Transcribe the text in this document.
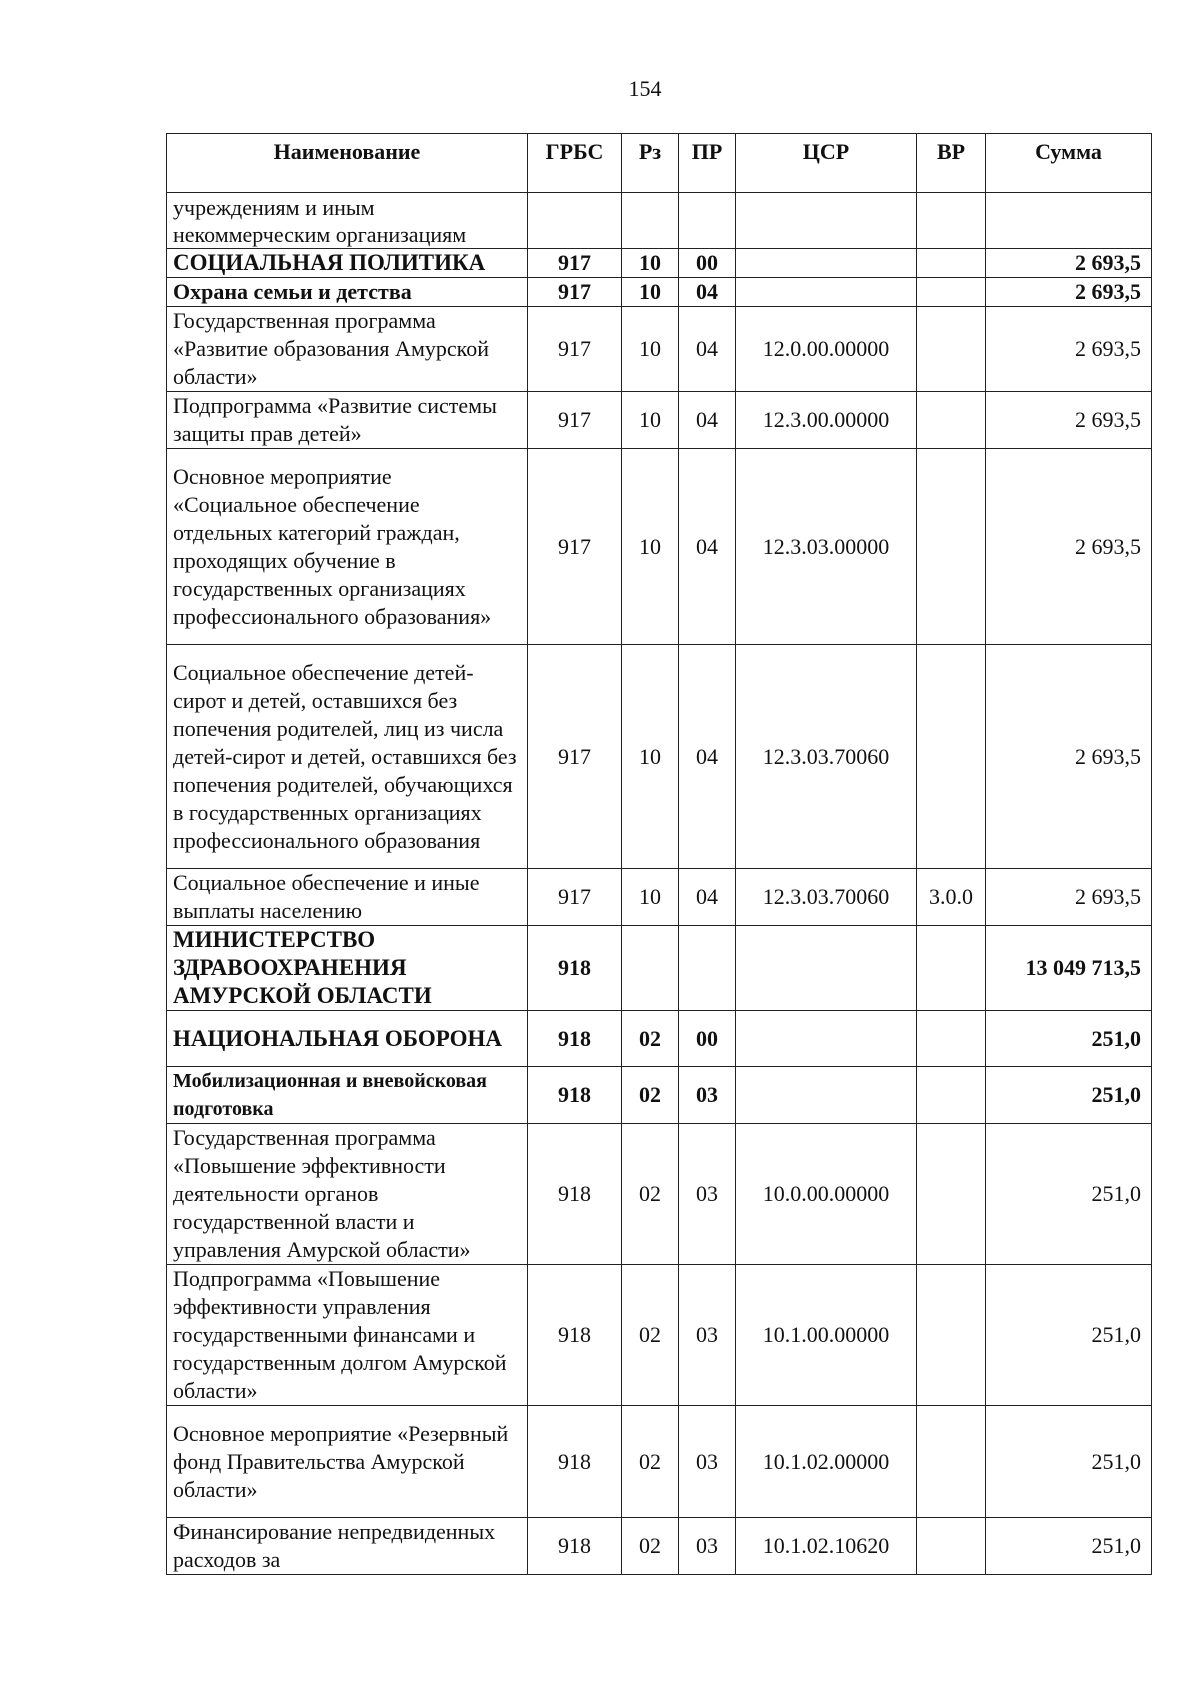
154
Наименование	ГРБС	Рз	ПР	ЦСР	ВР	Сумма
учреждениям и иным некоммерческим организациям						
СОЦИАЛЬНАЯ ПОЛИТИКА	917	10	00			2 693,5
Охрана семьи и детства	917	10	04			2 693,5
Государственная программа «Развитие образования Амурской области»	917	10	04	12.0.00.00000		2 693,5
Подпрограмма «Развитие системы защиты прав детей»	917	10	04	12.3.00.00000		2 693,5
Основное мероприятие «Социальное обеспечение отдельных категорий граждан, проходящих обучение в государственных организациях профессионального образования»	917	10	04	12.3.03.00000		2 693,5
Социальное обеспечение детей-сирот и детей, оставшихся без попечения родителей, лиц из числа детей-сирот и детей, оставшихся без попечения родителей, обучающихся в государственных организациях профессионального образования	917	10	04	12.3.03.70060		2 693,5
Социальное обеспечение и иные выплаты населению	917	10	04	12.3.03.70060	3.0.0	2 693,5
МИНИСТЕРСТВО ЗДРАВООХРАНЕНИЯ АМУРСКОЙ ОБЛАСТИ	918					13 049 713,5
НАЦИОНАЛЬНАЯ ОБОРОНА	918	02	00			251,0
Мобилизационная и вневойсковая подготовка	918	02	03			251,0
Государственная программа «Повышение эффективности деятельности органов государственной власти и управления Амурской области»	918	02	03	10.0.00.00000		251,0
Подпрограмма «Повышение эффективности управления государственными финансами и государственным долгом Амурской области»	918	02	03	10.1.00.00000		251,0
Основное мероприятие «Резервный фонд Правительства Амурской области»	918	02	03	10.1.02.00000		251,0
Финансирование непредвиденных расходов за	918	02	03	10.1.02.10620		251,0
